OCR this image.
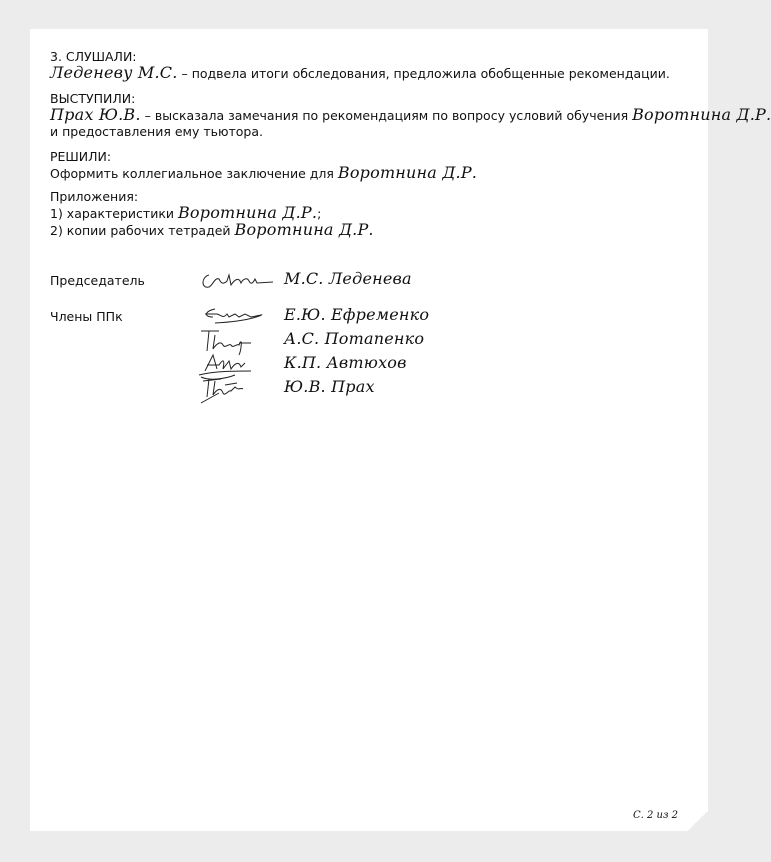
3. СЛУШАЛИ:
Леденеву М.С. – подвела итоги обследования, предложила обобщенные рекомендации.
ВЫСТУПИЛИ:
Прах Ю.В. – высказала замечания по рекомендациям по вопросу условий обучения Воротнина Д.Р.
и предоставления ему тьютора.
РЕШИЛИ:
Оформить коллегиальное заключение для Воротнина Д.Р.
Приложения:
1) характеристики Воротнина Д.Р.;
2) копии рабочих тетрадей Воротнина Д.Р.
Председатель	М.С. Леденева
Члены ППк	Е.Ю. Ефременко
А.С. Потапенко
К.П. Автюхов
Ю.В. Прах
С. 2 из 2
